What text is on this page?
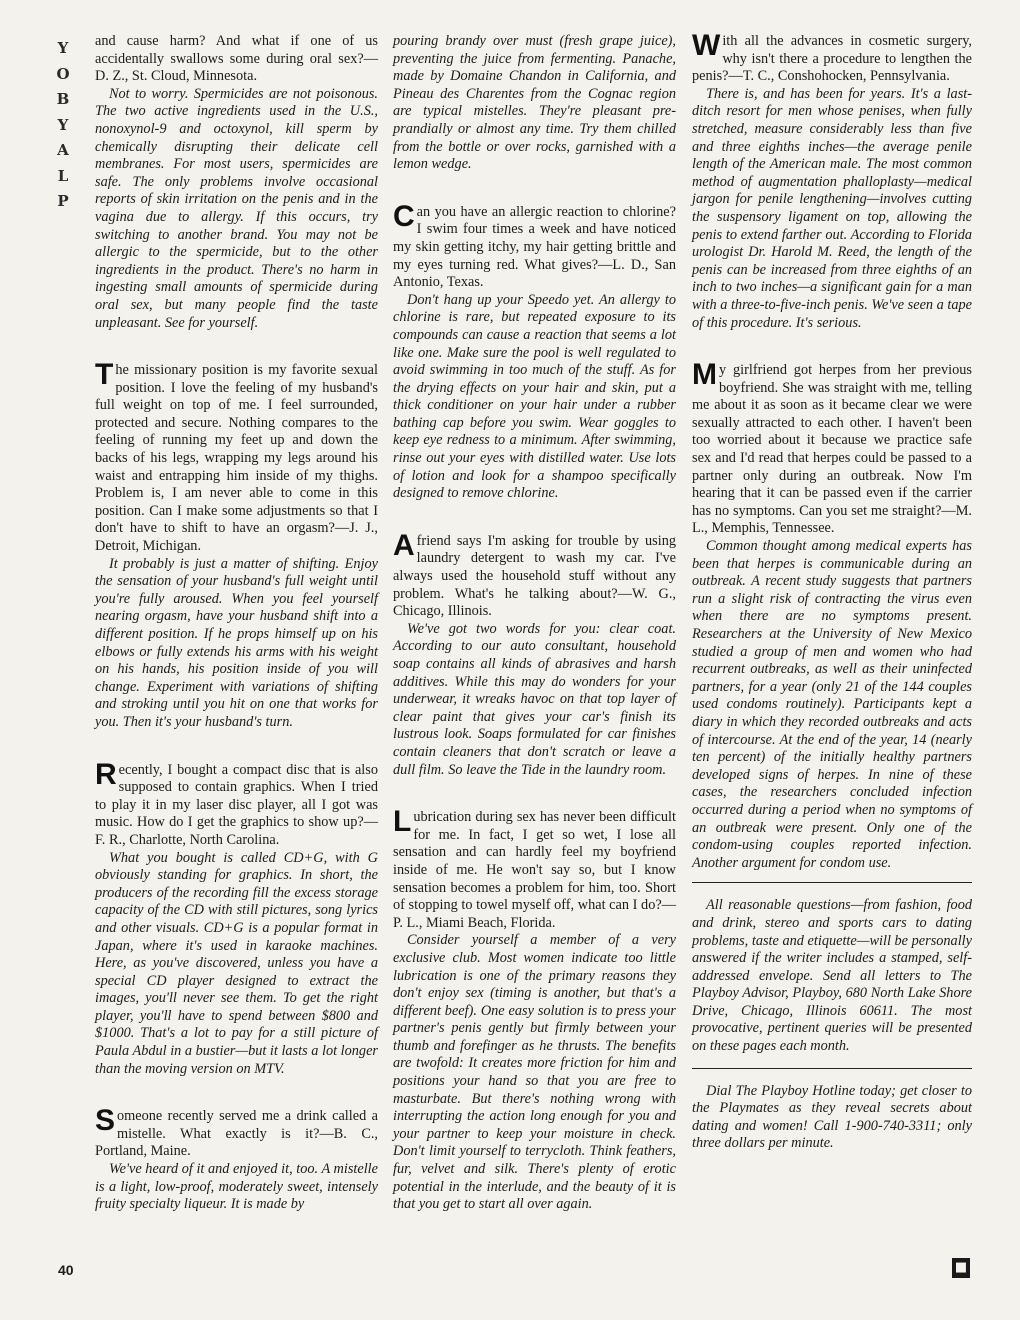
Y
O
B
Y
A
L
P
40

and cause harm? And what if one of us accidentally swallows some during oral sex?—D. Z., St. Cloud, Minnesota.

Not to worry. Spermicides are not poisonous. The two active ingredients used in the U.S., nonoxynol-9 and octoxynol, kill sperm by chemically disrupting their delicate cell membranes. For most users, spermicides are safe. The only problems involve occasional reports of skin irritation on the penis and in the vagina due to allergy. If this occurs, try switching to another brand. You may not be allergic to the spermicide, but to the other ingredients in the product. There's no harm in ingesting small amounts of spermicide during oral sex, but many people find the taste unpleasant. See for yourself.

The missionary position is my favorite sexual position. I love the feeling of my husband's full weight on top of me. I feel surrounded, protected and secure. Nothing compares to the feeling of running my feet up and down the backs of his legs, wrapping my legs around his waist and entrapping him inside of my thighs. Problem is, I am never able to come in this position. Can I make some adjustments so that I don't have to shift to have an orgasm?—J. J., Detroit, Michigan.

It probably is just a matter of shifting. Enjoy the sensation of your husband's full weight until you're fully aroused. When you feel yourself nearing orgasm, have your husband shift into a different position. If he props himself up on his elbows or fully extends his arms with his weight on his hands, his position inside of you will change. Experiment with variations of shifting and stroking until you hit on one that works for you. Then it's your husband's turn.

Recently, I bought a compact disc that is also supposed to contain graphics. When I tried to play it in my laser disc player, all I got was music. How do I get the graphics to show up?—F. R., Charlotte, North Carolina.

What you bought is called CD+G, with G obviously standing for graphics. In short, the producers of the recording fill the excess storage capacity of the CD with still pictures, song lyrics and other visuals. CD+G is a popular format in Japan, where it's used in karaoke machines. Here, as you've discovered, unless you have a special CD player designed to extract the images, you'll never see them. To get the right player, you'll have to spend between $800 and $1000. That's a lot to pay for a still picture of Paula Abdul in a bustier—but it lasts a lot longer than the moving version on MTV.

Someone recently served me a drink called a mistelle. What exactly is it?—B. C., Portland, Maine.

We've heard of it and enjoyed it, too. A mistelle is a light, low-proof, moderately sweet, intensely fruity specialty liqueur. It is made by

pouring brandy over must (fresh grape juice), preventing the juice from fermenting. Panache, made by Domaine Chandon in California, and Pineau des Charentes from the Cognac region are typical mistelles. They're pleasant pre-prandially or almost any time. Try them chilled from the bottle or over rocks, garnished with a lemon wedge.

Can you have an allergic reaction to chlorine? I swim four times a week and have noticed my skin getting itchy, my hair getting brittle and my eyes turning red. What gives?—L. D., San Antonio, Texas.

Don't hang up your Speedo yet. An allergy to chlorine is rare, but repeated exposure to its compounds can cause a reaction that seems a lot like one. Make sure the pool is well regulated to avoid swimming in too much of the stuff. As for the drying effects on your hair and skin, put a thick conditioner on your hair under a rubber bathing cap before you swim. Wear goggles to keep eye redness to a minimum. After swimming, rinse out your eyes with distilled water. Use lots of lotion and look for a shampoo specifically designed to remove chlorine.

A friend says I'm asking for trouble by using laundry detergent to wash my car. I've always used the household stuff without any problem. What's he talking about?—W. G., Chicago, Illinois.

We've got two words for you: clear coat. According to our auto consultant, household soap contains all kinds of abrasives and harsh additives. While this may do wonders for your underwear, it wreaks havoc on that top layer of clear paint that gives your car's finish its lustrous look. Soaps formulated for car finishes contain cleaners that don't scratch or leave a dull film. So leave the Tide in the laundry room.

Lubrication during sex has never been difficult for me. In fact, I get so wet, I lose all sensation and can hardly feel my boyfriend inside of me. He won't say so, but I know sensation becomes a problem for him, too. Short of stopping to towel myself off, what can I do?—P. L., Miami Beach, Florida.

Consider yourself a member of a very exclusive club. Most women indicate too little lubrication is one of the primary reasons they don't enjoy sex (timing is another, but that's a different beef). One easy solution is to press your partner's penis gently but firmly between your thumb and forefinger as he thrusts. The benefits are twofold: It creates more friction for him and positions your hand so that you are free to masturbate. But there's nothing wrong with interrupting the action long enough for you and your partner to keep your moisture in check. Don't limit yourself to terrycloth. Think feathers, fur, velvet and silk. There's plenty of erotic potential in the interlude, and the beauty of it is that you get to start all over again.

With all the advances in cosmetic surgery, why isn't there a procedure to lengthen the penis?—T. C., Conshohocken, Pennsylvania.

There is, and has been for years. It's a last-ditch resort for men whose penises, when fully stretched, measure considerably less than five and three eighths inches—the average penile length of the American male. The most common method of augmentation phalloplasty—medical jargon for penile lengthening—involves cutting the suspensory ligament on top, allowing the penis to extend farther out. According to Florida urologist Dr. Harold M. Reed, the length of the penis can be increased from three eighths of an inch to two inches—a significant gain for a man with a three-to-five-inch penis. We've seen a tape of this procedure. It's serious.

My girlfriend got herpes from her previous boyfriend. She was straight with me, telling me about it as soon as it became clear we were sexually attracted to each other. I haven't been too worried about it because we practice safe sex and I'd read that herpes could be passed to a partner only during an outbreak. Now I'm hearing that it can be passed even if the carrier has no symptoms. Can you set me straight?—M. L., Memphis, Tennessee.

Common thought among medical experts has been that herpes is communicable during an outbreak. A recent study suggests that partners run a slight risk of contracting the virus even when there are no symptoms present. Researchers at the University of New Mexico studied a group of men and women who had recurrent outbreaks, as well as their uninfected partners, for a year (only 21 of the 144 couples used condoms routinely). Participants kept a diary in which they recorded outbreaks and acts of intercourse. At the end of the year, 14 (nearly ten percent) of the initially healthy partners developed signs of herpes. In nine of these cases, the researchers concluded infection occurred during a period when no symptoms of an outbreak were present. Only one of the condom-using couples reported infection. Another argument for condom use.

All reasonable questions—from fashion, food and drink, stereo and sports cars to dating problems, taste and etiquette—will be personally answered if the writer includes a stamped, self-addressed envelope. Send all letters to The Playboy Advisor, Playboy, 680 North Lake Shore Drive, Chicago, Illinois 60611. The most provocative, pertinent queries will be presented on these pages each month.

Dial The Playboy Hotline today; get closer to the Playmates as they reveal secrets about dating and women! Call 1-900-740-3311; only three dollars per minute.

■
